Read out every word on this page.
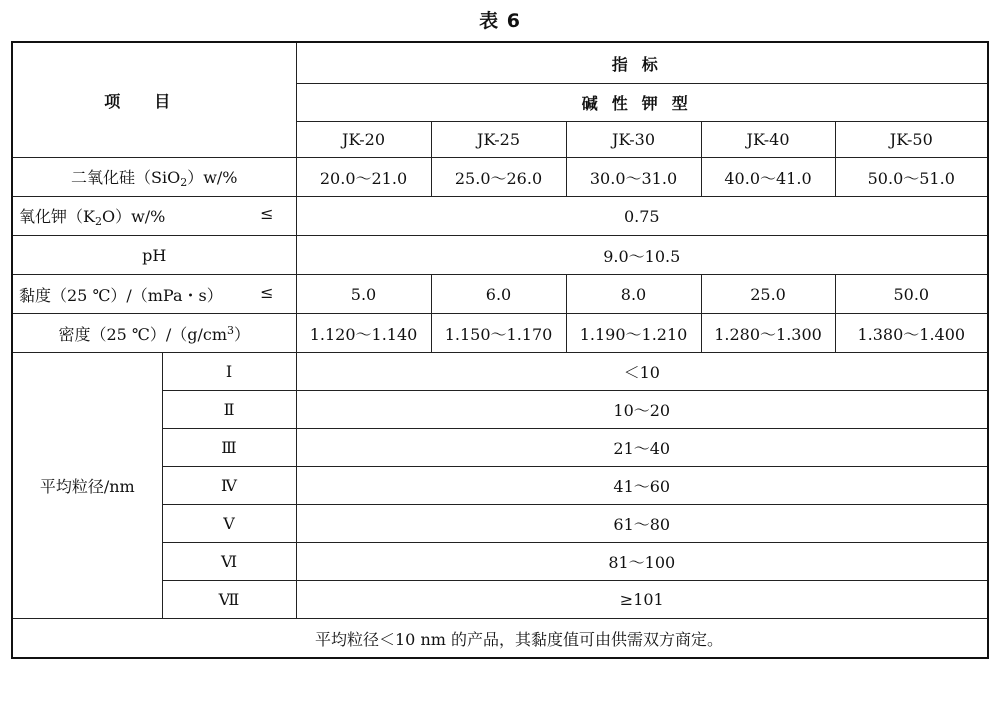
表 6
项目		指标				
		碱性钾型				
		JK-20	JK-25	JK-30	JK-40	JK-50
二氧化硅（SiO$_2$）w/%		20.0～21.0	25.0～26.0	30.0～31.0	40.0～41.0	50.0～51.0

氧化钾$(K_2O)w/\%$ ≤		0.75				
pH		9.0～10.5				

黏度（25 ℃）/（mPa・s） ≤		5.0	6.0	8.0	25.0	50.0
密度（25 $℃)/(g/cm^3)$		1.120～1.140	1.150～1.170	1.190～1.210	1.280～1.300	1.380～1.400
平均粒径/nm	Ⅰ	＜10				
	Ⅱ	10～20				
	Ⅲ	21～40				
	Ⅳ	41～60				
	Ⅴ	61～80				
	Ⅵ	81～100				
	Ⅶ	≥101				
平均粒径＜10 nm 的产品，其黏度值可由供需双方商定。						
